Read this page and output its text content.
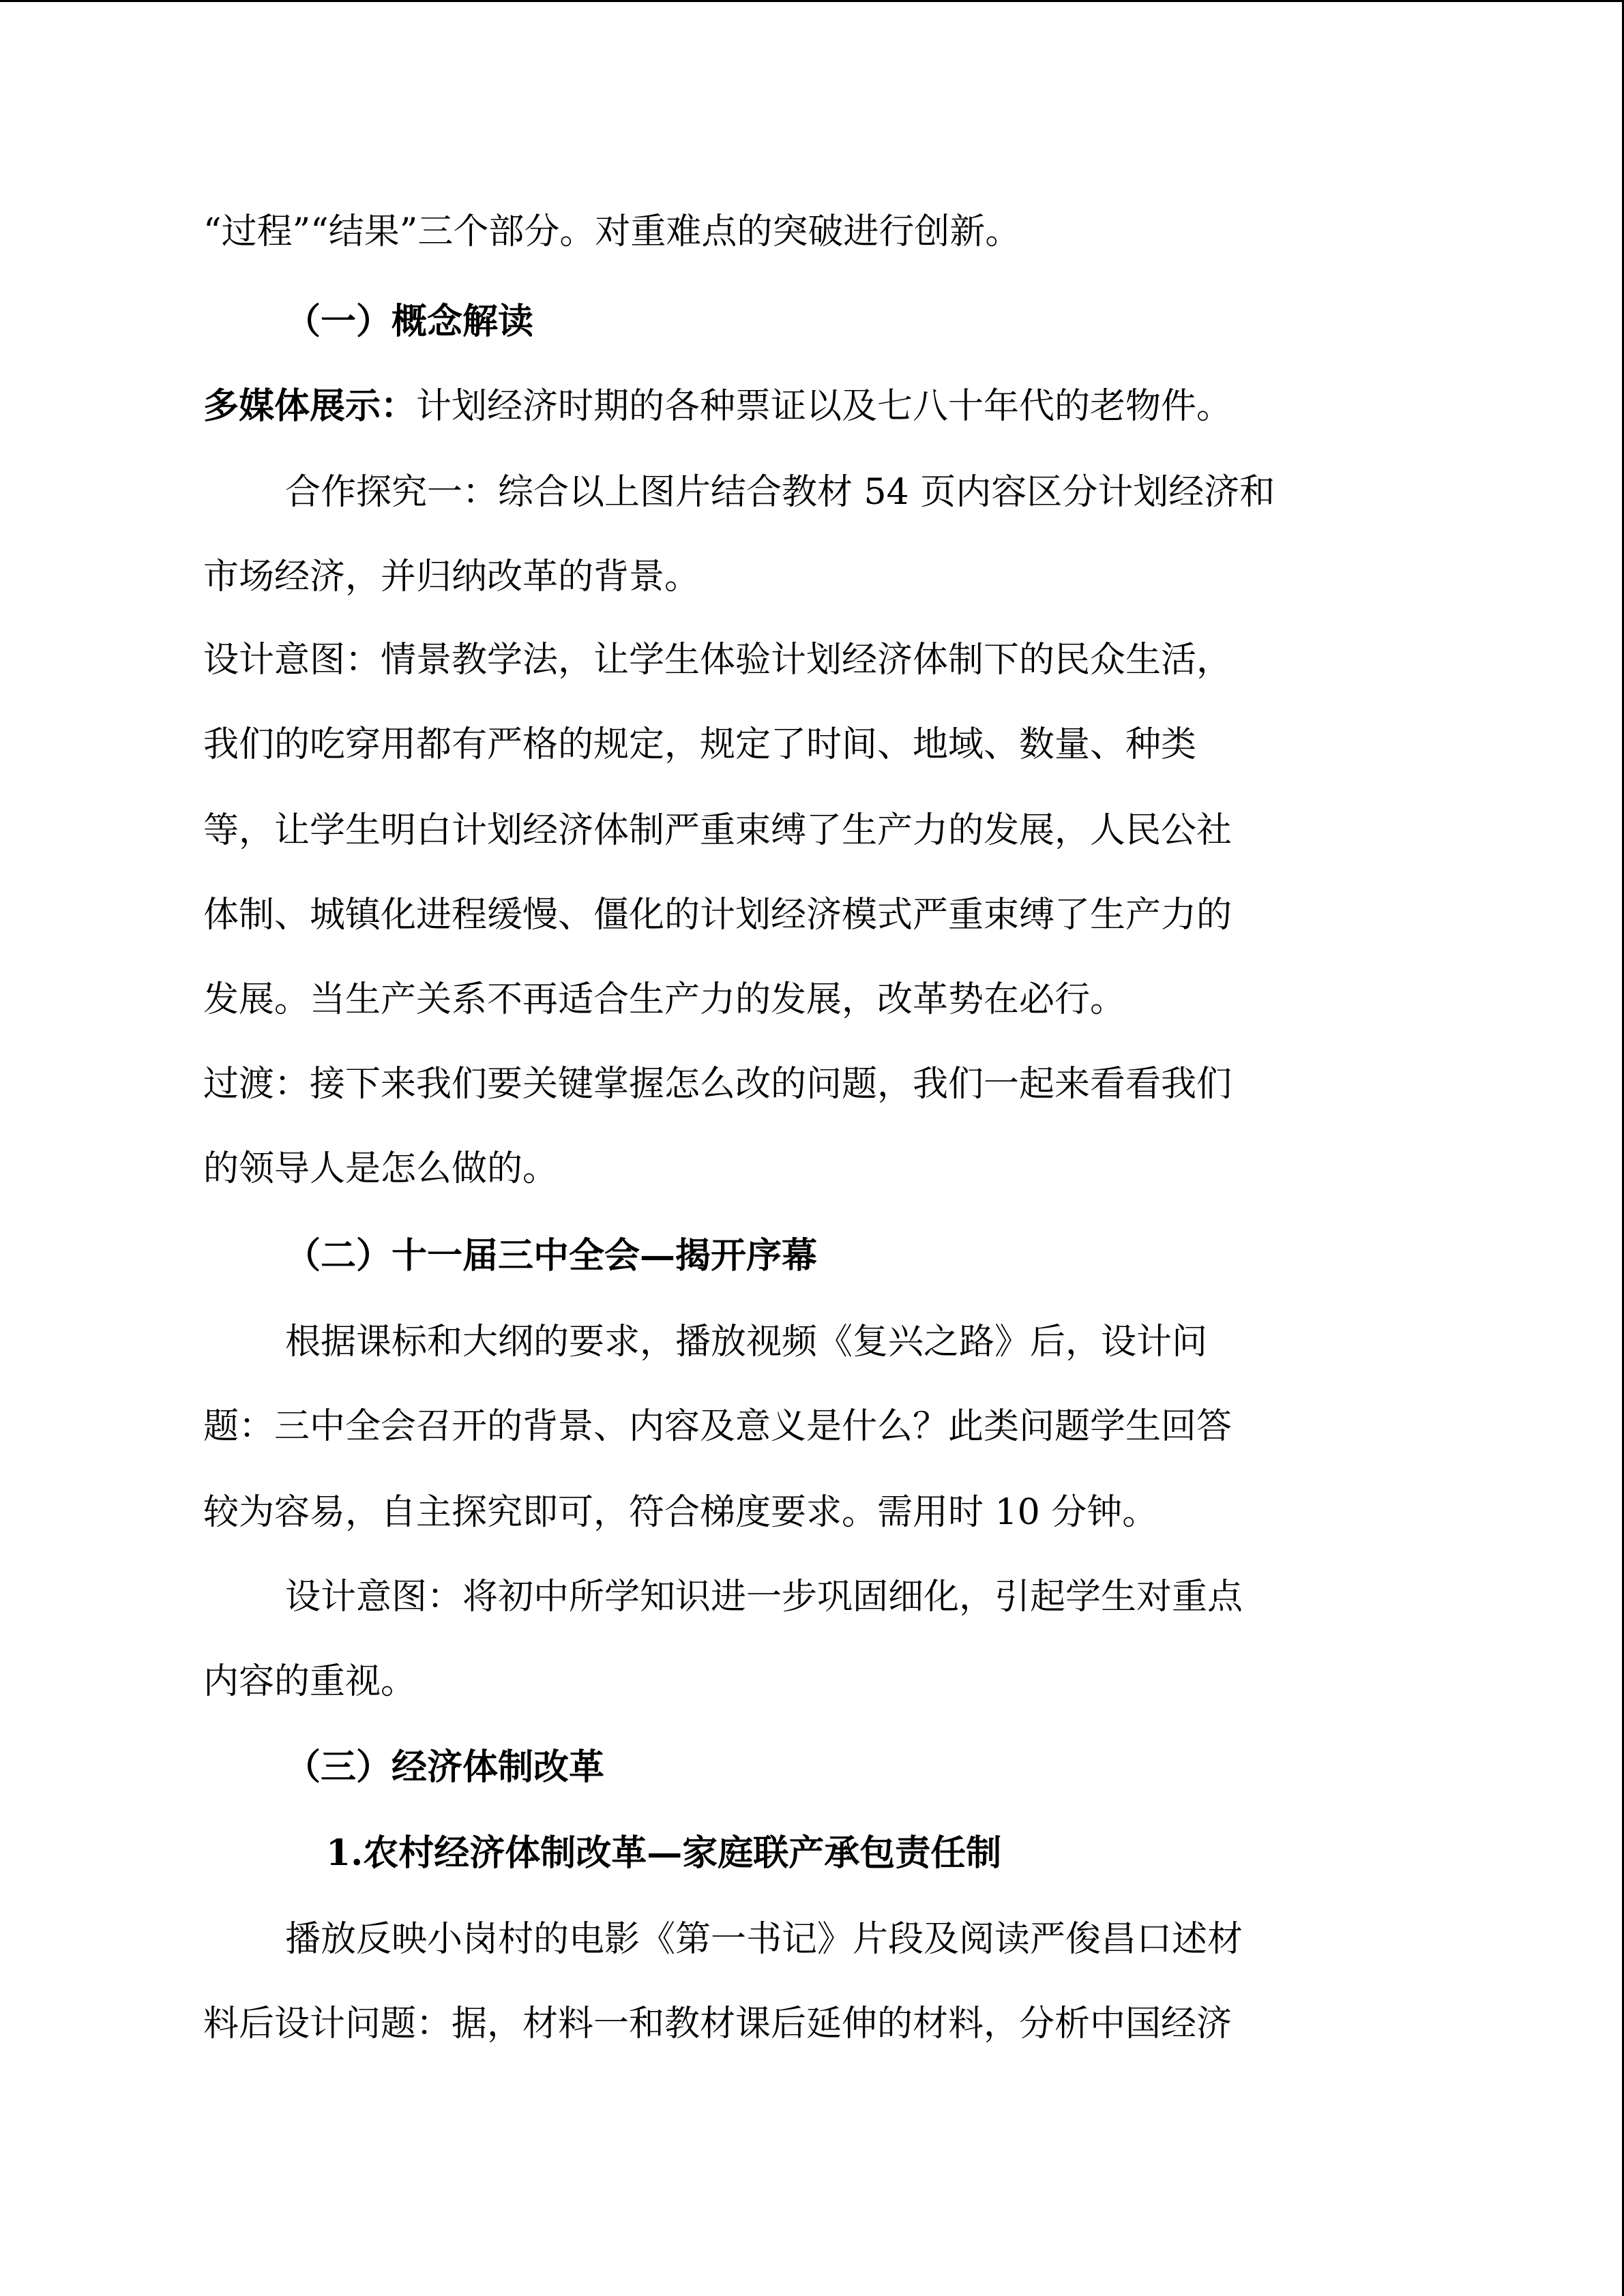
“过程”“结果”三个部分。对重难点的突破进行创新。
（一）概念解读
多媒体展示：计划经济时期的各种票证以及七八十年代的老物件。
合作探究一：综合以上图片结合教材 54 页内容区分计划经济和
市场经济，并归纳改革的背景。
设计意图：情景教学法，让学生体验计划经济体制下的民众生活，
我们的吃穿用都有严格的规定，规定了时间、地域、数量、种类
等，让学生明白计划经济体制严重束缚了生产力的发展，人民公社
体制、城镇化进程缓慢、僵化的计划经济模式严重束缚了生产力的
发展。当生产关系不再适合生产力的发展，改革势在必行。
过渡：接下来我们要关键掌握怎么改的问题，我们一起来看看我们
的领导人是怎么做的。
（二）十一届三中全会—揭开序幕
根据课标和大纲的要求，播放视频《复兴之路》后，设计问
题：三中全会召开的背景、内容及意义是什么？此类问题学生回答
较为容易，自主探究即可，符合梯度要求。需用时 10 分钟。
设计意图：将初中所学知识进一步巩固细化，引起学生对重点
内容的重视。
（三）经济体制改革
1.农村经济体制改革—家庭联产承包责任制
播放反映小岗村的电影《第一书记》片段及阅读严俊昌口述材
料后设计问题：据，材料一和教材课后延伸的材料，分析中国经济
